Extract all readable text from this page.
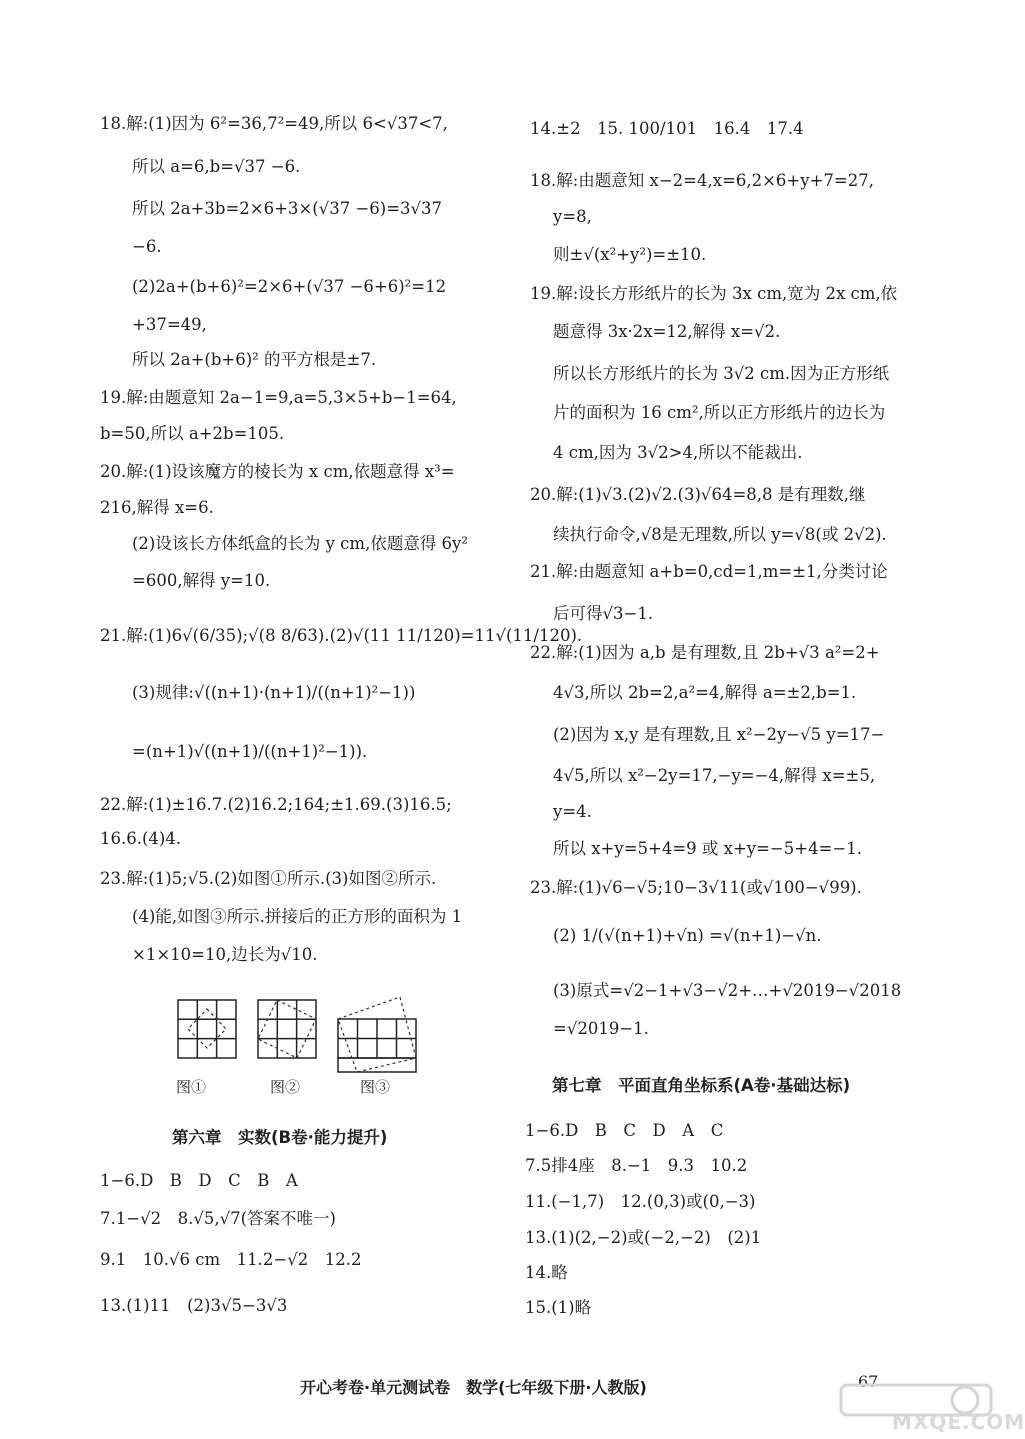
18.解:(1)因为 6²=36,7²=49,所以 6<√37<7,
所以 a=6,b=√37 −6.
所以 2a+3b=2×6+3×(√37 −6)=3√37
−6.
(2)2a+(b+6)²=2×6+(√37 −6+6)²=12
+37=49,
所以 2a+(b+6)² 的平方根是±7.
19.解:由题意知 2a−1=9,a=5,3×5+b−1=64,
b=50,所以 a+2b=105.
20.解:(1)设该魔方的棱长为 x cm,依题意得 x³=
216,解得 x=6.
(2)设该长方体纸盒的长为 y cm,依题意得 6y²
=600,解得 y=10.
21.解:(1)6√(6/35);√(8 8/63).(2)√(11 11/120)=11√(11/120).
(3)规律:√((n+1)·(n+1)/((n+1)²−1))
=(n+1)√((n+1)/((n+1)²−1)).
22.解:(1)±16.7.(2)16.2;164;±1.69.(3)16.5;
16.6.(4)4.
23.解:(1)5;√5.(2)如图①所示.(3)如图②所示.
(4)能,如图③所示.拼接后的正方形的面积为 1
×1×10=10,边长为√10.
图①	图②	图③
第六章　实数(B卷·能力提升)
1−6.D　B　D　C　B　A
7.1−√2　8.√5,√7(答案不唯一)
9.1　10.√6 cm　11.2−√2　12.2
13.(1)11　(2)3√5−3√3
14.±2　15. 100/101　16.4　17.4
18.解:由题意知 x−2=4,x=6,2×6+y+7=27,
y=8,
则±√(x²+y²)=±10.
19.解:设长方形纸片的长为 3x cm,宽为 2x cm,依
题意得 3x·2x=12,解得 x=√2.
所以长方形纸片的长为 3√2 cm.因为正方形纸
片的面积为 16 cm²,所以正方形纸片的边长为
4 cm,因为 3√2>4,所以不能裁出.
20.解:(1)√3.(2)√2.(3)√64=8,8 是有理数,继
续执行命令,√8是无理数,所以 y=√8(或 2√2).
21.解:由题意知 a+b=0,cd=1,m=±1,分类讨论
后可得√3−1.
22.解:(1)因为 a,b 是有理数,且 2b+√3 a²=2+
4√3,所以 2b=2,a²=4,解得 a=±2,b=1.
(2)因为 x,y 是有理数,且 x²−2y−√5 y=17−
4√5,所以 x²−2y=17,−y=−4,解得 x=±5,
y=4.
所以 x+y=5+4=9 或 x+y=−5+4=−1.
23.解:(1)√6−√5;10−3√11(或√100−√99).
(2) 1/(√(n+1)+√n) =√(n+1)−√n.
(3)原式=√2−1+√3−√2+…+√2019−√2018
=√2019−1.
第七章　平面直角坐标系(A卷·基础达标)
1−6.D　B　C　D　A　C
7.5排4座　8.−1　9.3　10.2
11.(−1,7)　12.(0,3)或(0,−3)
13.(1)(2,−2)或(−2,−2)　(2)1
14.略
15.(1)略
开心考卷·单元测试卷　数学(七年级下册·人教版)	67
MXQE.COM
